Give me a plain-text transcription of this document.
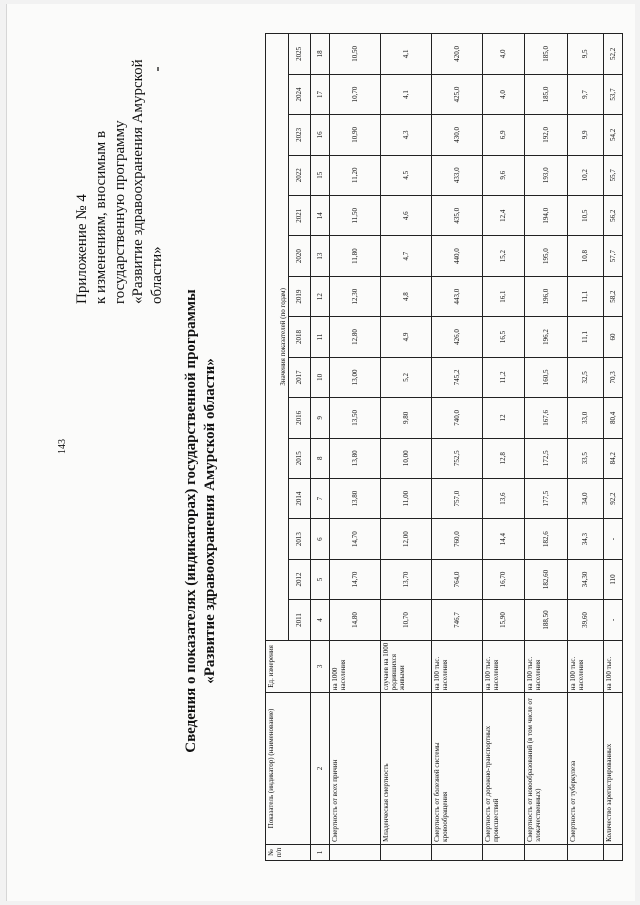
143
Приложение № 4 к изменениям, вносимым в государственную программу «Развитие здравоохранения Амурской области»
Сведения о показателях (индикаторах) государственной программы «Развитие здравоохранения Амурской области»
№ п/п	Показатель (индикатор) (наименование)	Ед. измерения	Значения показателей (по годам)														
			2011	2012	2013	2014	2015	2016	2017	2018	2019	2020	2021	2022	2023	2024	2025
1	2	3	4	5	6	7	8	9	10	11	12	13	14	15	16	17	18
	Смертность от всех причин	на 1000 населения	14,80	14,70	14,70	13,80	13,80	13,50	13,00	12,80	12,30	11,80	11,50	11,20	10,90	10,70	10,50
	Младенческая смертность	случаев на 1000 родившихся живыми	10,70	13,70	12,00	11,00	10,00	9,80	5,2	4,9	4,8	4,7	4,6	4,5	4,3	4,1	4,1
	Смертность от болезней системы кровообращения	на 100 тыс. населения	746,7	764,0	760,0	757,0	752,5	740,0	745,2	426,0	443,0	440,0	435,0	433,0	430,0	425,0	420,0
	Смертность от дорожно-транспортных происшествий	на 100 тыс. населения	15,90	16,70	14,4	13,6	12,8	12	11,2	16,5	16,1	15,2	12,4	9,6	6,9	4,0	4,0
	Смертность от новообразований (в том числе от злокачественных)	на 100 тыс. населения	188,50	182,60	182,6	177,5	172,5	167,6	160,5	196,2	196,0	195,0	194,0	193,0	192,0	185,0	185,0
	Смертность от туберкулеза	на 100 тыс. населения	39,60	34,30	34,3	34,0	33,5	33,0	32,5	11,1	11,1	10,8	10,5	10,2	9,9	9,7	9,5
	Количество зарегистрированных	на 100 тыс.	-	110	-	92,2	84,2	80,4	70,3	60	58,2	57,7	56,2	55,7	54,2	53,7	52,2
